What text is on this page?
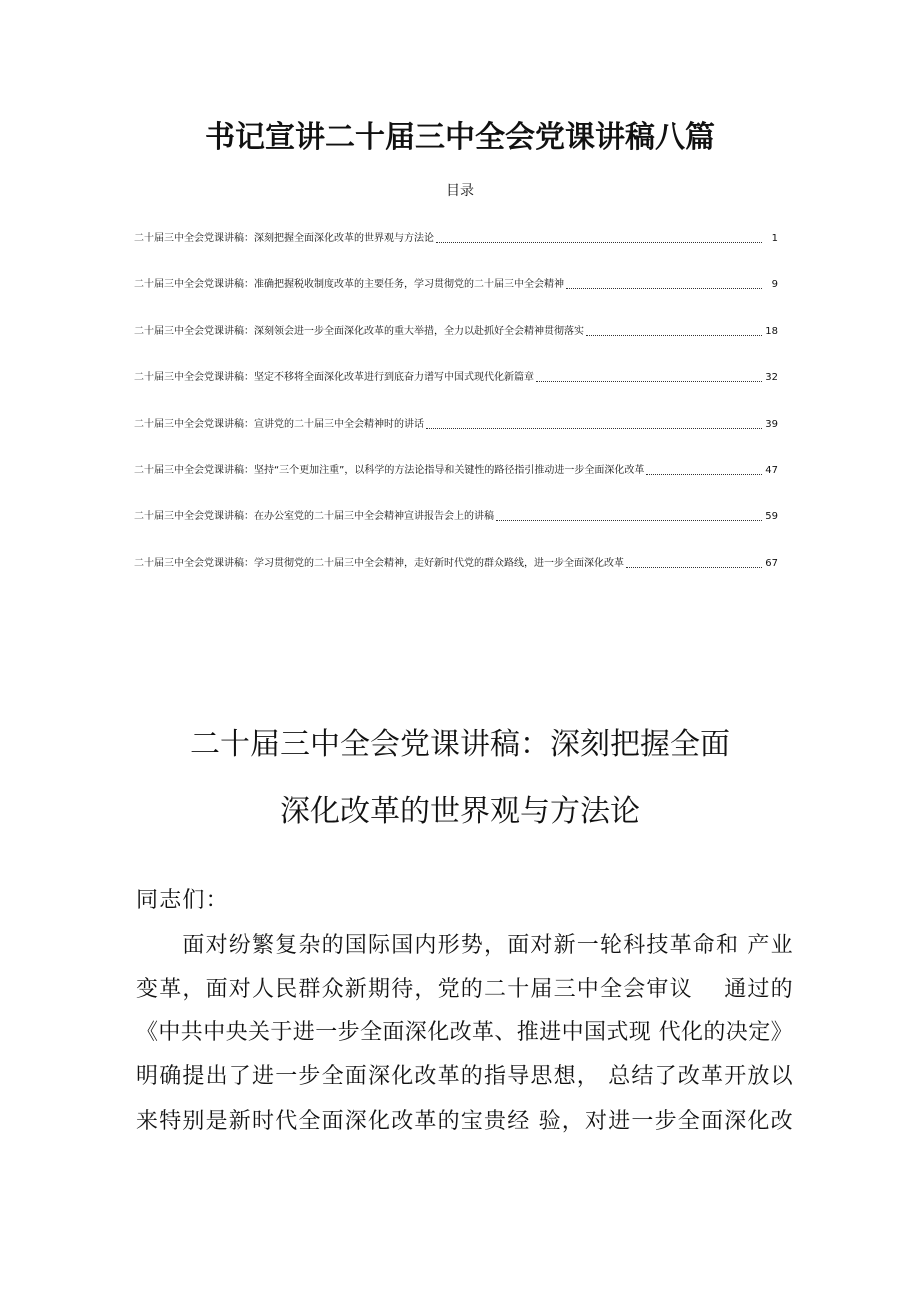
书记宣讲二十届三中全会党课讲稿八篇
目录
二十届三中全会党课讲稿：深刻把握全面深化改革的世界观与方法论	1
二十届三中全会党课讲稿：准确把握税收制度改革的主要任务，学习贯彻党的二十届三中全会精神	9
二十届三中全会党课讲稿：深刻领会进一步全面深化改革的重大举措，全力以赴抓好全会精神贯彻落实	18
二十届三中全会党课讲稿：坚定不移将全面深化改革进行到底奋力谱写中国式现代化新篇章	32
二十届三中全会党课讲稿：宣讲党的二十届三中全会精神时的讲话	39
二十届三中全会党课讲稿：坚持“三个更加注重”，以科学的方法论指导和关键性的路径指引推动进一步全面深化改革	47
二十届三中全会党课讲稿：在办公室党的二十届三中全会精神宣讲报告会上的讲稿	59
二十届三中全会党课讲稿：学习贯彻党的二十届三中全会精神，走好新时代党的群众路线，进一步全面深化改革	67
二十届三中全会党课讲稿：深刻把握全面
深化改革的世界观与方法论
同志们：
　　面对纷繁复杂的国际国内形势，面对新一轮科技革命和 产业
变革，面对人民群众新期待，党的二十届三中全会审议　 通过的
《中共中央关于进一步全面深化改革、推进中国式现 代化的决定》
明确提出了进一步全面深化改革的指导思想， 总结了改革开放以
来特别是新时代全面深化改革的宝贵经 验，对进一步全面深化改
